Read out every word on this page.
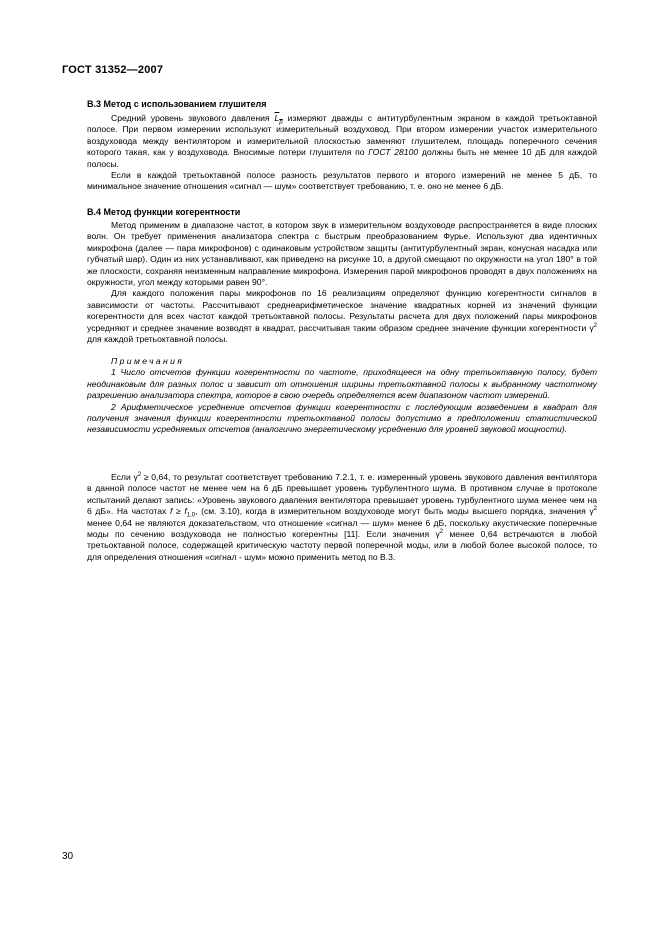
ГОСТ 31352—2007
B.3 Метод с использованием глушителя

Средний уровень звукового давления $L_p$ измеряют дважды с антитурбулентным экраном в каждой третьоктавной полосе. При первом измерении используют измерительный воздуховод. При втором измерении участок измерительного воздуховода между вентилятором и измерительной плоскостью заменяют глушителем, площадь поперечного сечения которого такая, как у воздуховода. Вносимые потери глушителя по ГОСТ 28100 должны быть не менее 10 дБ для каждой полосы.

Если в каждой третьоктавной полосе разность результатов первого и второго измерений не менее 5 дБ, то минимальное значение отношения «сигнал — шум» соответствует требованию, т. е. оно не менее 6 дБ.

B.4 Метод функции когерентности

Метод применим в диапазоне частот, в котором звук в измерительном воздуховоде распространяется в виде плоских волн. Он требует применения анализатора спектра с быстрым преобразованием Фурье. Используют два идентичных микрофона (далее — пара микрофонов) с одинаковым устройством защиты (антитурбулентный экран, конусная насадка или губчатый шар). Один из них устанавливают, как приведено на рисунке 10, а другой смещают по окружности на угол 180° в той же плоскости, сохраняя неизменным направление микрофона. Измерения парой микрофонов проводят в двух положениях на окружности, угол между которыми равен 90°.

Для каждого положения пары микрофонов по 16 реализациям определяют функцию когерентности сигналов в зависимости от частоты. Рассчитывают среднеарифметическое значение квадратных корней из значений функции когерентности для всех частот каждой третьоктавной полосы. Результаты расчета для двух положений пары микрофонов усредняют и среднее значение возводят в квадрат, рассчитывая таким образом среднее значение функции когерентности $\gamma^2$ для каждой третьоктавной полосы.

Примечания

1 Число отсчетов функции когерентности по частоте, приходящееся на одну третьоктавную полосу, будет неодинаковым для разных полос и зависит от отношения ширины третьоктавной полосы к выбранному частотному разрешению анализатора спектра, которое в свою очередь определяется всем диапазоном частот измерений.

2 Арифметическое усреднение отсчетов функции когерентности с последующим возведением в квадрат для получения значения функции когерентности третьоктавной полосы допустимо в предположении статистической независимости усредняемых отсчетов (аналогично энергетическому усреднению для уровней звуковой мощности).

Если $\gamma^2 \ge 0,64$, то результат соответствует требованию 7.2.1, т. е. измеренный уровень звукового давления вентилятора в данной полосе частот не менее чем на 6 дБ превышает уровень турбулентного шума. В противном случае в протоколе испытаний делают запись: «Уровень звукового давления вентилятора превышает уровень турбулентного шума менее чем на 6 дБ». На частотах $f \ge f_{1,0}$, (см. 3.10), когда в измерительном воздуховоде могут быть моды высшего порядка, значения $\gamma^2$ менее 0,64 не являются доказательством, что отношение «сигнал — шум» менее 6 дБ, поскольку акустические поперечные моды по сечению воздуховода не полностью когерентны [11]. Если значения $\gamma^2$ менее 0,64 встречаются в любой третьоктавной полосе, содержащей критическую частоту первой поперечной моды, или в любой более высокой полосе, то для определения отношения «сигнал - шум» можно применить метод по B.3.

30
